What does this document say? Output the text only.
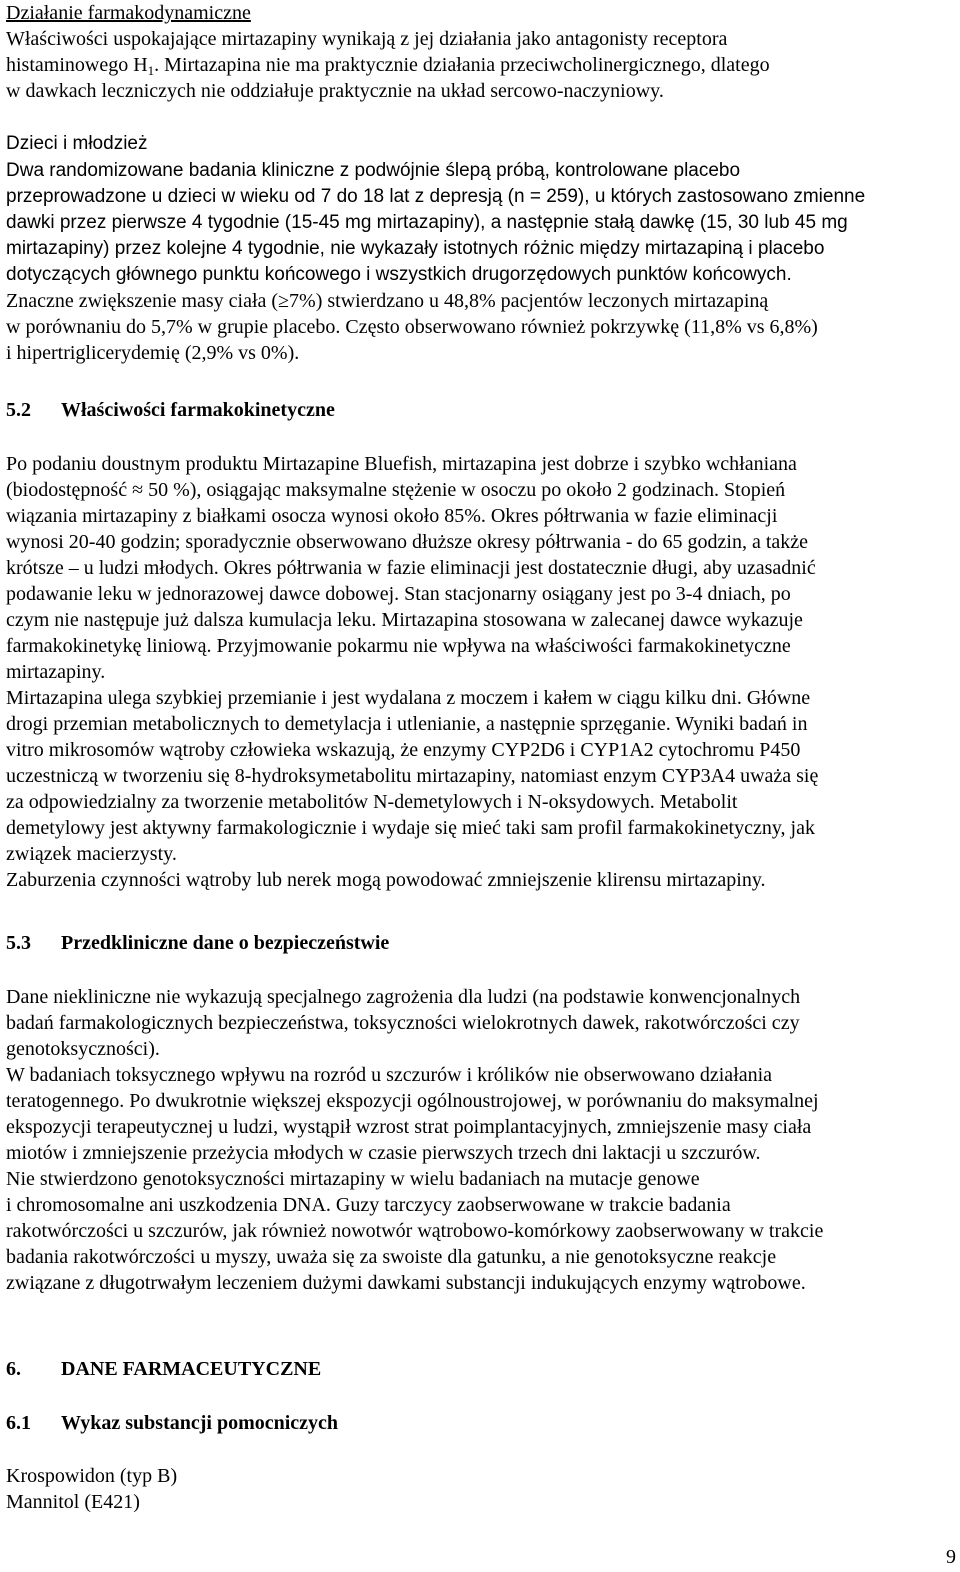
Działanie farmakodynamiczne
Właściwości uspokajające mirtazapiny wynikają z jej działania jako antagonisty receptora
histaminowego $H_1$. Mirtazapina nie ma praktycznie działania przeciwcholinergicznego, dlatego
w dawkach leczniczych nie oddziałuje praktycznie na układ sercowo-naczyniowy.
Dzieci i młodzież
Dwa randomizowane badania kliniczne z podwójnie ślepą próbą, kontrolowane placebo
przeprowadzone u dzieci w wieku od 7 do 18 lat z depresją (n = 259), u których zastosowano zmienne
dawki przez pierwsze 4 tygodnie (15-45 mg mirtazapiny), a następnie stałą dawkę (15, 30 lub 45 mg
mirtazapiny) przez kolejne 4 tygodnie, nie wykazały istotnych różnic między mirtazapiną i placebo
dotyczących głównego punktu końcowego i wszystkich drugorzędowych punktów końcowych.
Znaczne zwiększenie masy ciała (≥7%) stwierdzano u 48,8% pacjentów leczonych mirtazapiną
w porównaniu do 5,7% w grupie placebo. Często obserwowano również pokrzywkę (11,8% vs 6,8%)
i hipertriglicerydemię (2,9% vs 0%).
5.2 Właściwości farmakokinetyczne
Po podaniu doustnym produktu Mirtazapine Bluefish, mirtazapina jest dobrze i szybko wchłaniana
(biodostępność ≈ 50 %), osiągając maksymalne stężenie w osoczu po około 2 godzinach. Stopień
wiązania mirtazapiny z białkami osocza wynosi około 85%. Okres półtrwania w fazie eliminacji
wynosi 20-40 godzin; sporadycznie obserwowano dłuższe okresy półtrwania - do 65 godzin, a także
krótsze – u ludzi młodych. Okres półtrwania w fazie eliminacji jest dostatecznie długi, aby uzasadnić
podawanie leku w jednorazowej dawce dobowej. Stan stacjonarny osiągany jest po 3-4 dniach, po
czym nie następuje już dalsza kumulacja leku. Mirtazapina stosowana w zalecanej dawce wykazuje
farmakokinetykę liniową. Przyjmowanie pokarmu nie wpływa na właściwości farmakokinetyczne
mirtazapiny.
Mirtazapina ulega szybkiej przemianie i jest wydalana z moczem i kałem w ciągu kilku dni. Główne
drogi przemian metabolicznych to demetylacja i utlenianie, a następnie sprzęganie. Wyniki badań in
vitro mikrosomów wątroby człowieka wskazują, że enzymy CYP2D6 i CYP1A2 cytochromu P450
uczestniczą w tworzeniu się 8-hydroksymetabolitu mirtazapiny, natomiast enzym CYP3A4 uważa się
za odpowiedzialny za tworzenie metabolitów N-demetylowych i N-oksydowych. Metabolit
demetylowy jest aktywny farmakologicznie i wydaje się mieć taki sam profil farmakokinetyczny, jak
związek macierzysty.
Zaburzenia czynności wątroby lub nerek mogą powodować zmniejszenie klirensu mirtazapiny.
5.3 Przedkliniczne dane o bezpieczeństwie
Dane niekliniczne nie wykazują specjalnego zagrożenia dla ludzi (na podstawie konwencjonalnych
badań farmakologicznych bezpieczeństwa, toksyczności wielokrotnych dawek, rakotwórczości czy
genotoksyczności).
W badaniach toksycznego wpływu na rozród u szczurów i królików nie obserwowano działania
teratogennego. Po dwukrotnie większej ekspozycji ogólnoustrojowej, w porównaniu do maksymalnej
ekspozycji terapeutycznej u ludzi, wystąpił wzrost strat poimplantacyjnych, zmniejszenie masy ciała
miotów i zmniejszenie przeżycia młodych w czasie pierwszych trzech dni laktacji u szczurów.
Nie stwierdzono genotoksyczności mirtazapiny w wielu badaniach na mutacje genowe
i chromosomalne ani uszkodzenia DNA. Guzy tarczycy zaobserwowane w trakcie badania
rakotwórczości u szczurów, jak również nowotwór wątrobowo-komórkowy zaobserwowany w trakcie
badania rakotwórczości u myszy, uważa się za swoiste dla gatunku, a nie genotoksyczne reakcje
związane z długotrwałym leczeniem dużymi dawkami substancji indukujących enzymy wątrobowe.
6. DANE FARMACEUTYCZNE
6.1 Wykaz substancji pomocniczych
Krospowidon (typ B)
Mannitol (E421)
9
